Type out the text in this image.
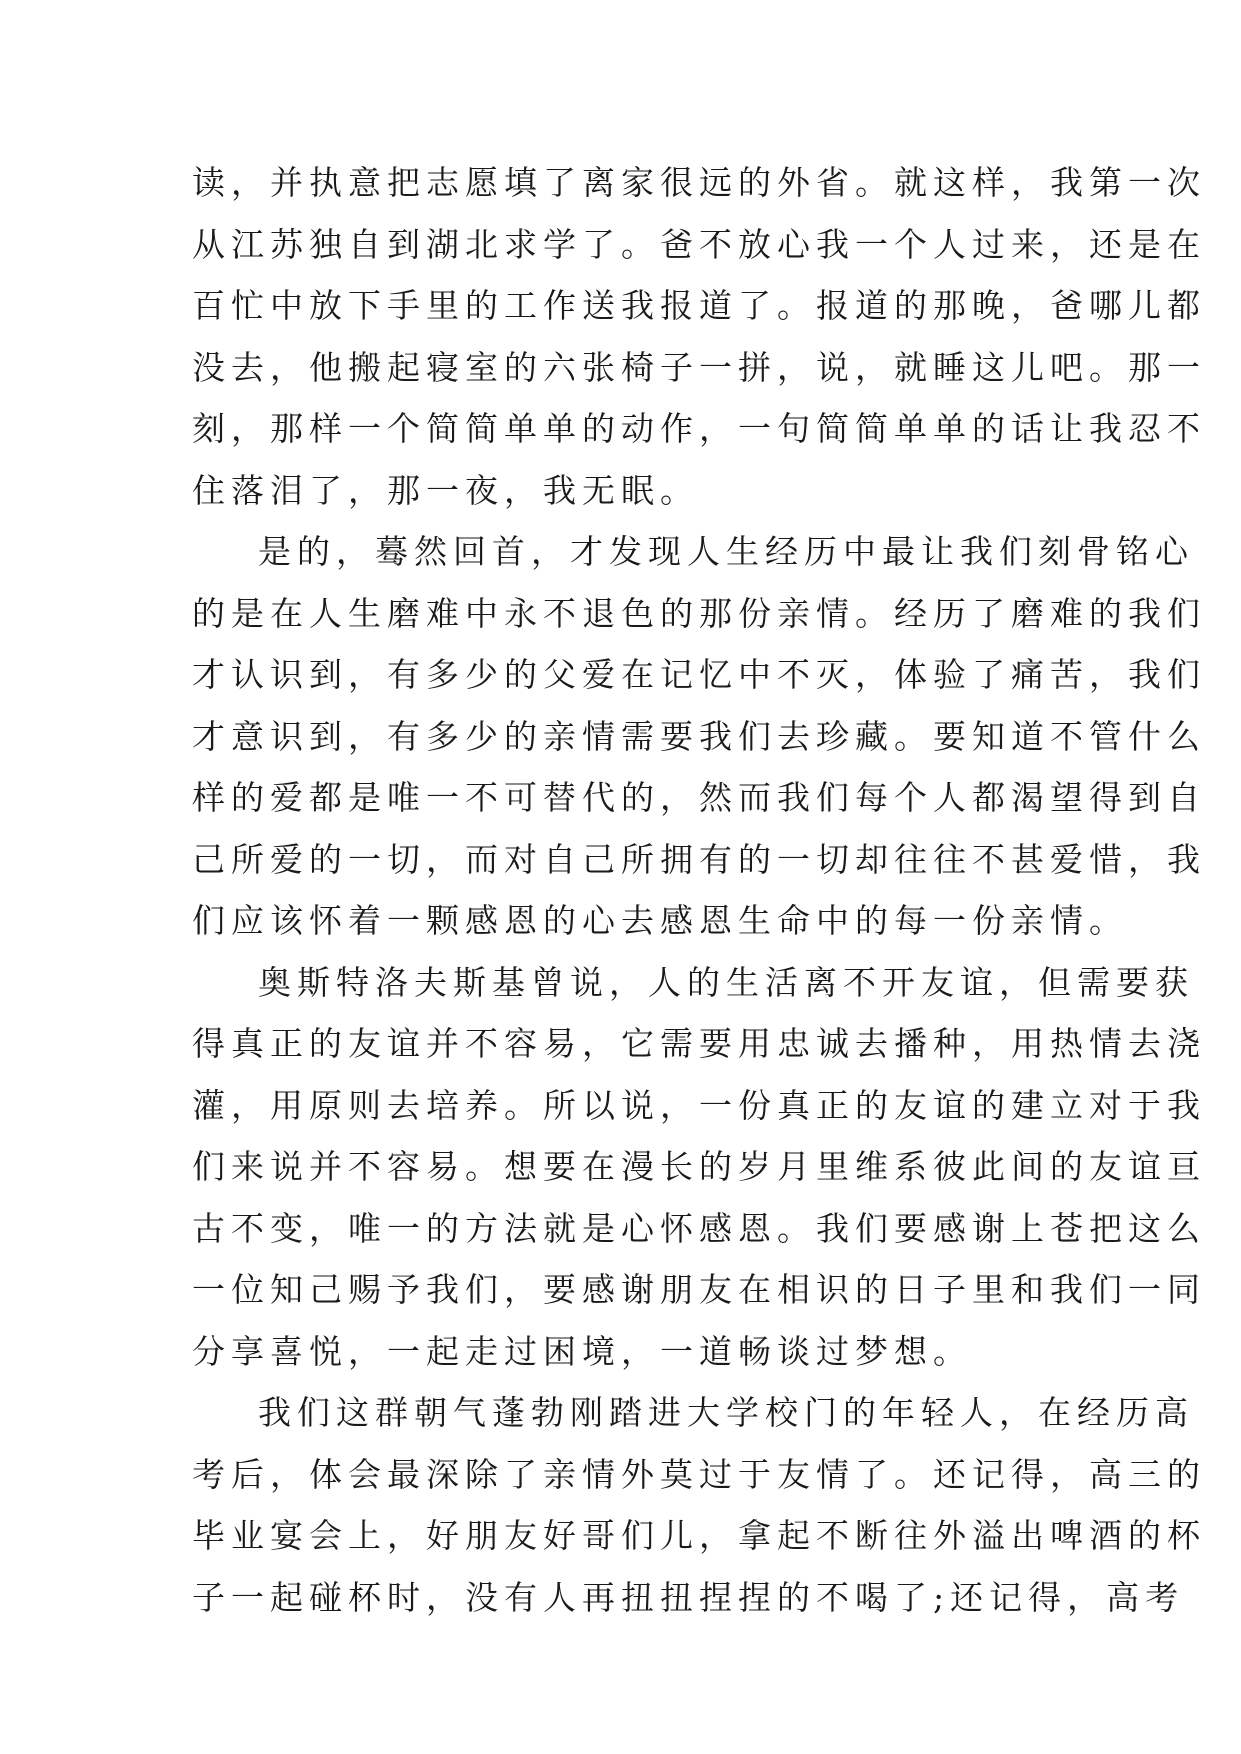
读，并执意把志愿填了离家很远的外省。就这样，我第一次
从江苏独自到湖北求学了。爸不放心我一个人过来，还是在
百忙中放下手里的工作送我报道了。报道的那晚，爸哪儿都
没去，他搬起寝室的六张椅子一拼，说，就睡这儿吧。那一
刻，那样一个简简单单的动作，一句简简单单的话让我忍不
住落泪了，那一夜，我无眠。
是的，蓦然回首，才发现人生经历中最让我们刻骨铭心
的是在人生磨难中永不退色的那份亲情。经历了磨难的我们
才认识到，有多少的父爱在记忆中不灭，体验了痛苦，我们
才意识到，有多少的亲情需要我们去珍藏。要知道不管什么
样的爱都是唯一不可替代的，然而我们每个人都渴望得到自
己所爱的一切，而对自己所拥有的一切却往往不甚爱惜，我
们应该怀着一颗感恩的心去感恩生命中的每一份亲情。
奥斯特洛夫斯基曾说，人的生活离不开友谊，但需要获
得真正的友谊并不容易，它需要用忠诚去播种，用热情去浇
灌，用原则去培养。所以说，一份真正的友谊的建立对于我
们来说并不容易。想要在漫长的岁月里维系彼此间的友谊亘
古不变，唯一的方法就是心怀感恩。我们要感谢上苍把这么
一位知己赐予我们，要感谢朋友在相识的日子里和我们一同
分享喜悦，一起走过困境，一道畅谈过梦想。
我们这群朝气蓬勃刚踏进大学校门的年轻人，在经历高
考后，体会最深除了亲情外莫过于友情了。还记得，高三的
毕业宴会上，好朋友好哥们儿，拿起不断往外溢出啤酒的杯
子一起碰杯时，没有人再扭扭捏捏的不喝了;还记得，高考
